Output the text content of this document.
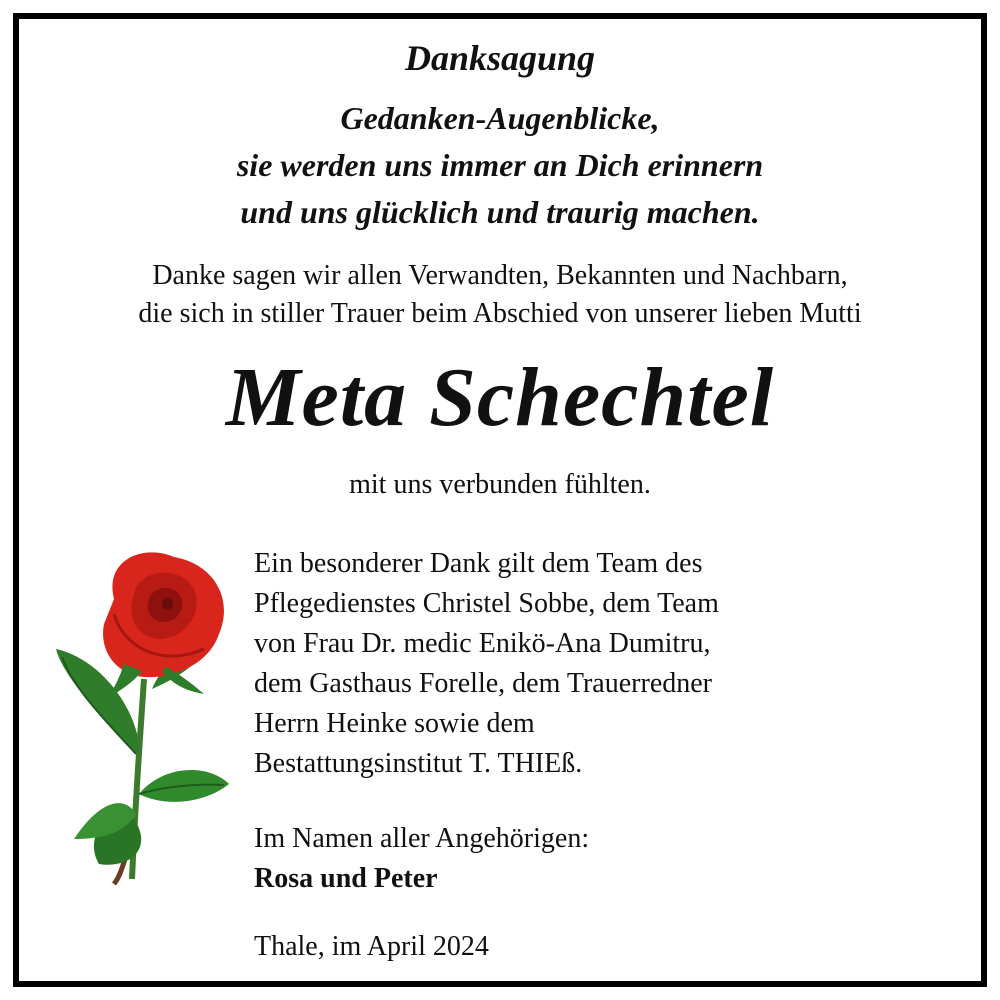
Danksagung
Gedanken-Augenblicke,
sie werden uns immer an Dich erinnern
und uns glücklich und traurig machen.
Danke sagen wir allen Verwandten, Bekannten und Nachbarn,
die sich in stiller Trauer beim Abschied von unserer lieben Mutti
Meta Schechtel
mit uns verbunden fühlten.
Ein besonderer Dank gilt dem Team des
Pflegedienstes Christel Sobbe, dem Team
von Frau Dr. medic Enikö-Ana Dumitru,
dem Gasthaus Forelle, dem Trauerredner
Herrn Heinke sowie dem
Bestattungsinstitut T. THIEß.
Im Namen aller Angehörigen:
Rosa und Peter
Thale, im April 2024
